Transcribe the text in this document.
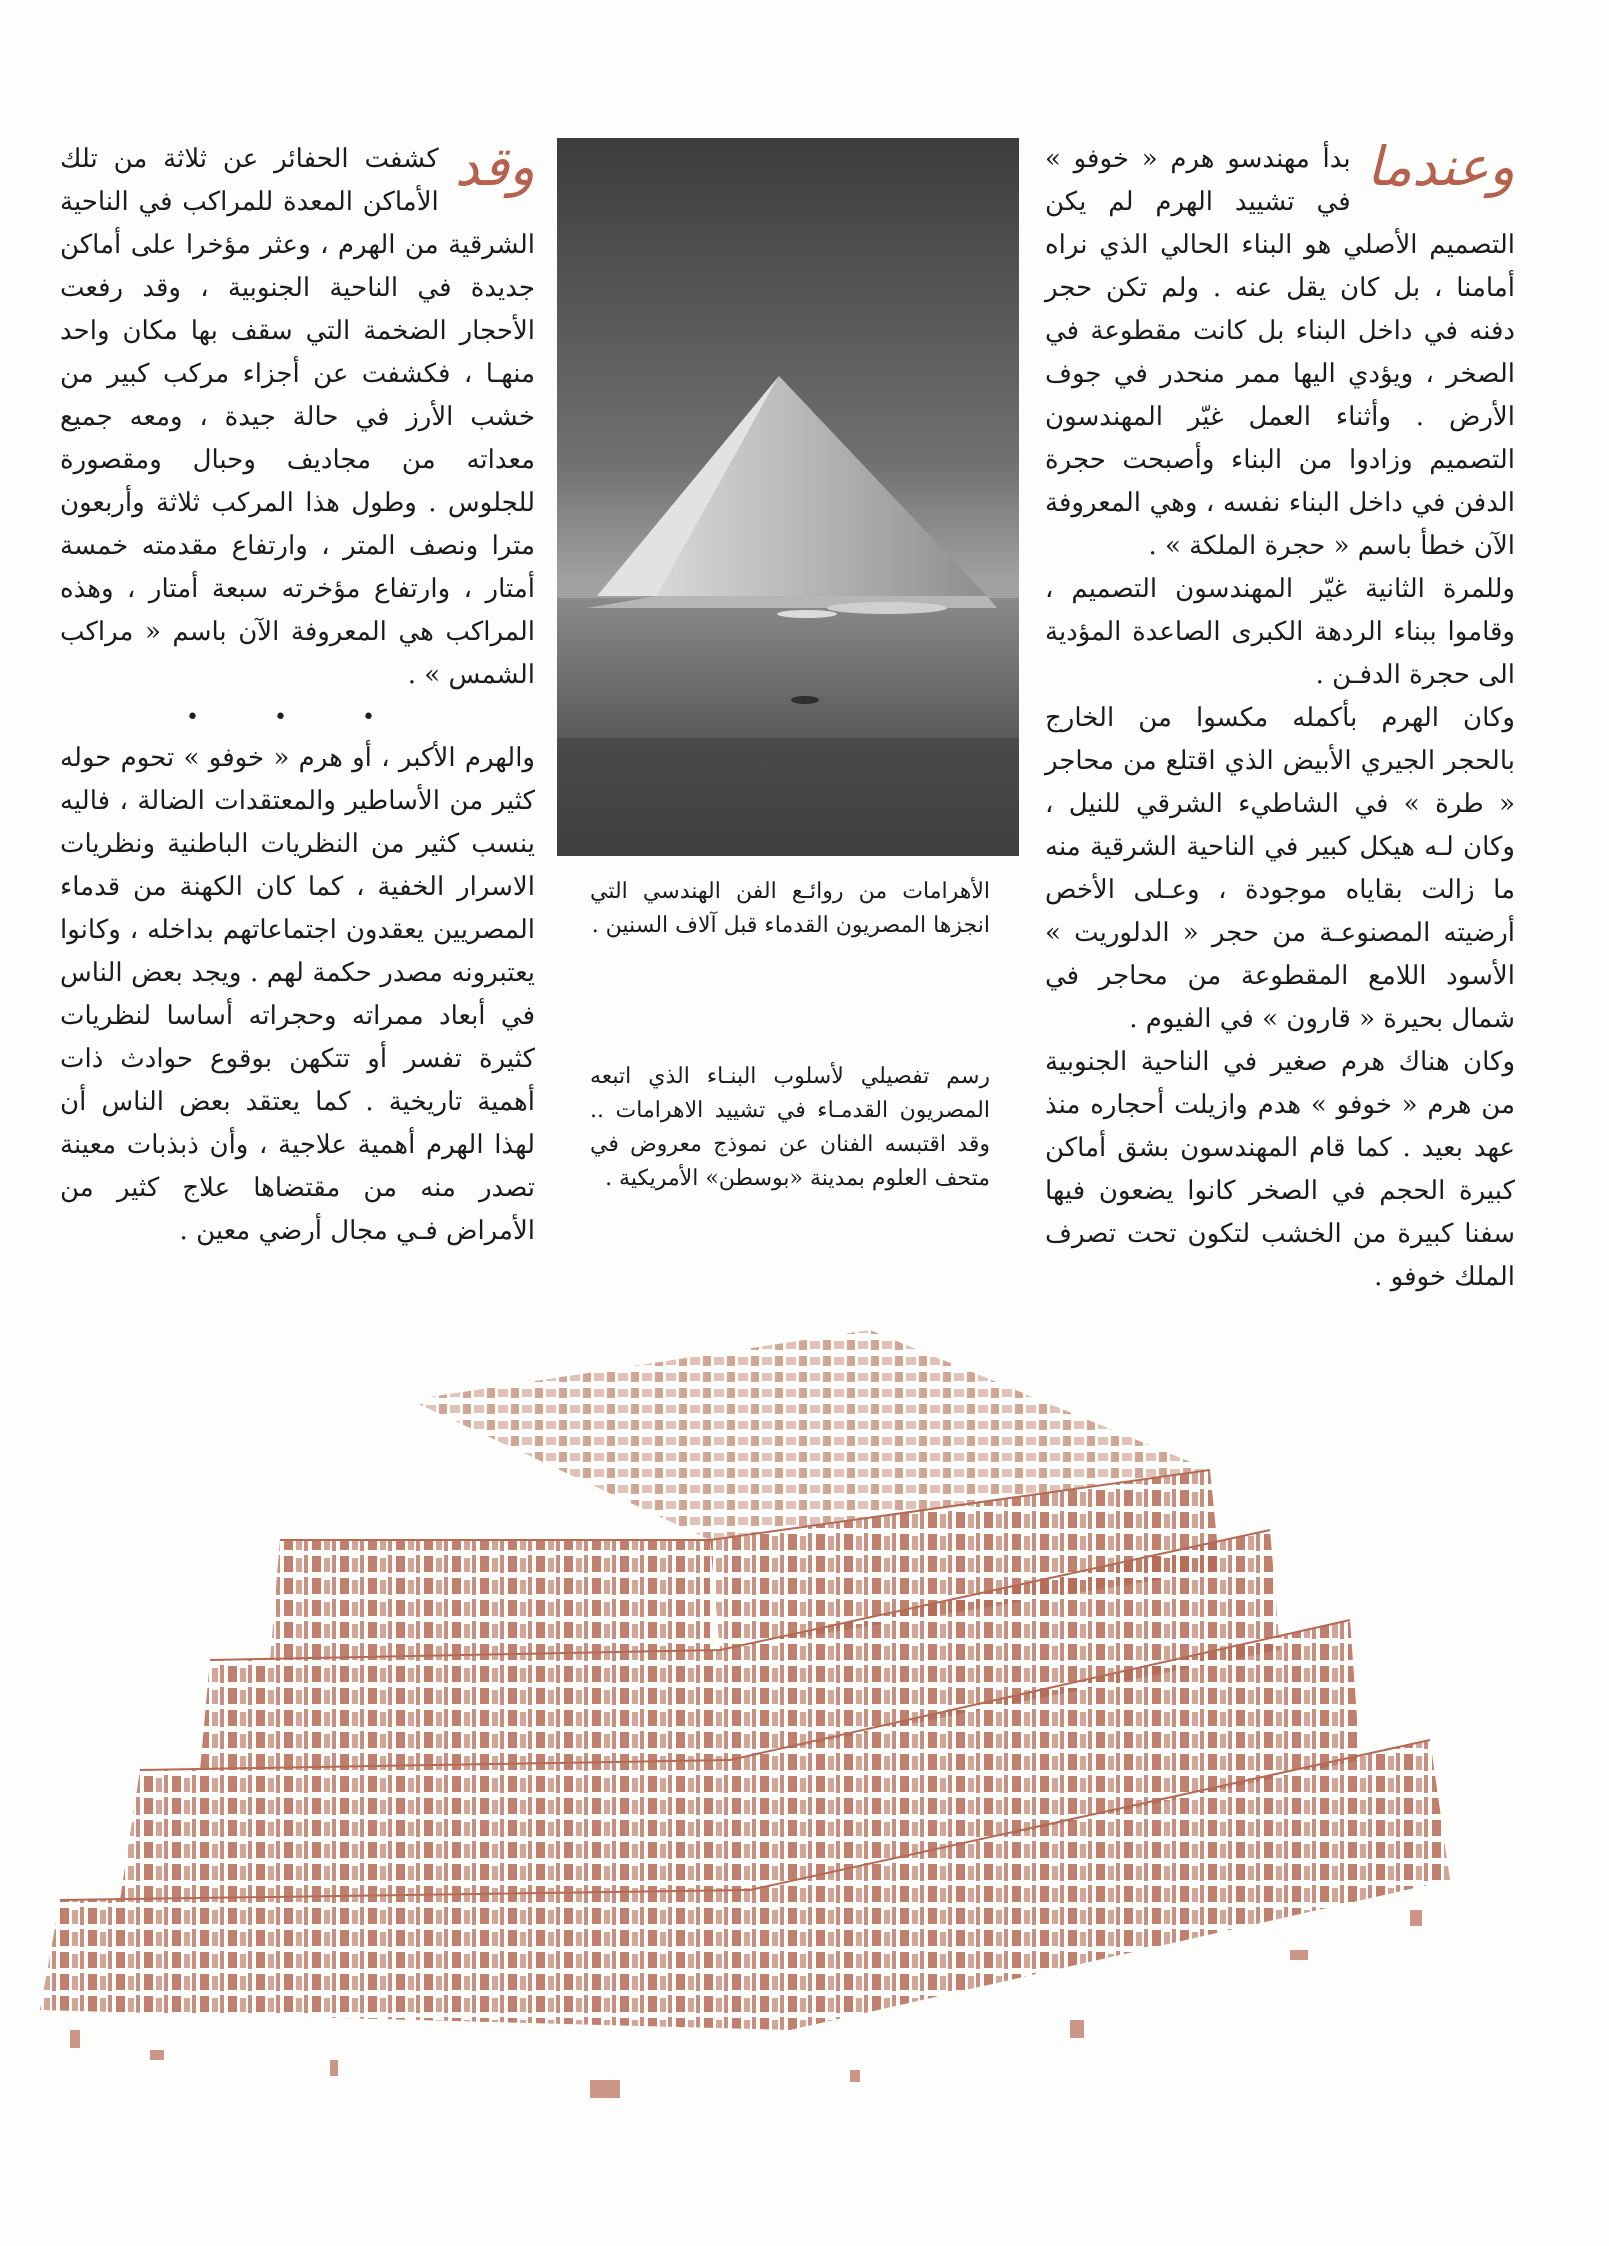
وعندما

بدأ مهندسو هرم « خوفو » في تشييد الهرم لم يكن التصميم الأصلي هو البناء الحالي الذي نراه أمامنا ، بل كان يقل عنه . ولم تكن حجر دفنه في داخل البناء بل كانت مقطوعة في الصخر ، ويؤدي اليها ممر منحدر في جوف الأرض . وأثناء العمل غيّر المهندسون التصميم وزادوا من البناء وأصبحت حجرة الدفن في داخل البناء نفسه ، وهي المعروفة الآن خطأ باسم « حجرة الملكة » .

وللمرة الثانية غيّر المهندسون التصميم ، وقاموا ببناء الردهة الكبرى الصاعدة المؤدية الى حجرة الدفـن .

وكان الهرم بأكمله مكسوا من الخارج بالحجر الجيري الأبيض الذي اقتلع من محاجر « طرة » في الشاطيء الشرقي للنيل ، وكان لـه هيكل كبير في الناحية الشرقية منه ما زالت بقاياه موجودة ، وعـلى الأخص أرضيته المصنوعـة من حجر « الدلوريت » الأسود اللامع المقطوعة من محاجر في شمال بحيرة « قارون » في الفيوم .

وكان هناك هرم صغير في الناحية الجنوبية من هرم « خوفو » هدم وازيلت أحجاره منذ عهد بعيد . كما قام المهندسون بشق أماكن كبيرة الحجم في الصخر كانوا يضعون فيها سفنا كبيرة من الخشب لتكون تحت تصرف الملك خوفو .

الأهرامات من روائـع الفن الهندسي التي انجزها المصريون القدماء قبل آلاف السنين .
رسم تفصيلي لأسلوب البنـاء الذي اتبعه المصريون القدمـاء في تشييد الاهرامات .. وقد اقتبسه الفنان عن نموذج معروض في متحف العلوم بمدينة «بوسطن» الأمريكية .
وقد

كشفت الحفائر عن ثلاثة من تلك الأماكن المعدة للمراكب في الناحية الشرقية من الهرم ، وعثر مؤخرا على أماكن جديدة في الناحية الجنوبية ، وقد رفعت الأحجار الضخمة التي سقف بها مكان واحد منهـا ، فكشفت عن أجزاء مركب كبير من خشب الأرز في حالة جيدة ، ومعه جميع معداته من مجاديف وحبال ومقصورة للجلوس . وطول هذا المركب ثلاثة وأربعون مترا ونصف المتر ، وارتفاع مقدمته خمسة أمتار ، وارتفاع مؤخرته سبعة أمتار ، وهذه المراكب هي المعروفة الآن باسم « مراكب الشمس » .

• • •

والهرم الأكبر ، أو هرم « خوفو » تحوم حوله كثير من الأساطير والمعتقدات الضالة ، فاليه ينسب كثير من النظريات الباطنية ونظريات الاسرار الخفية ، كما كان الكهنة من قدماء المصريين يعقدون اجتماعاتهم بداخله ، وكانوا يعتبرونه مصدر حكمة لهم . ويجد بعض الناس في أبعاد ممراته وحجراته أساسا لنظريات كثيرة تفسر أو تتكهن بوقوع حوادث ذات أهمية تاريخية . كما يعتقد بعض الناس أن لهذا الهرم أهمية علاجية ، وأن ذبذبات معينة تصدر منه من مقتضاها علاج كثير من الأمراض فـي مجال أرضي معين .
